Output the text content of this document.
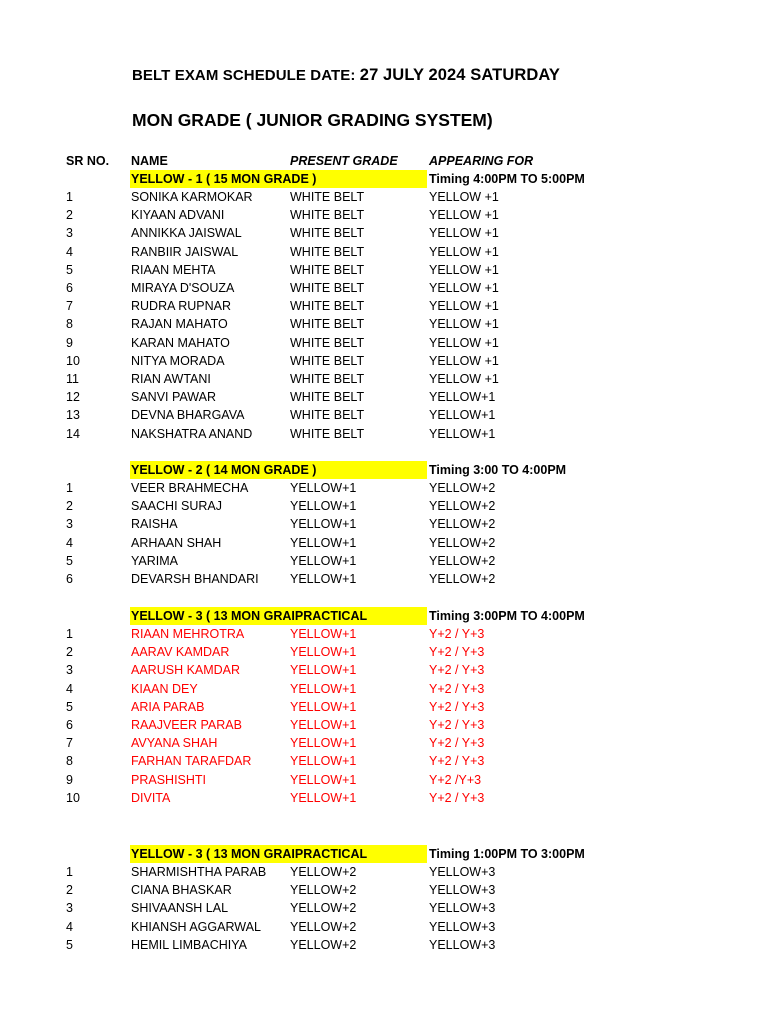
BELT EXAM SCHEDULE DATE: 27 JULY 2024 SATURDAY
MON GRADE ( JUNIOR GRADING SYSTEM)
SR NO. NAME	PRESENT GRADE	APPEARING FOR
YELLOW - 1 ( 15 MON GRADE )	Timing 4:00PM TO 5:00PM
1	SONIKA KARMOKAR	WHITE BELT	YELLOW +1
2	KIYAAN ADVANI	WHITE BELT	YELLOW +1
3	ANNIKKA JAISWAL	WHITE BELT	YELLOW +1
4	RANBIIR JAISWAL	WHITE BELT	YELLOW +1
5	RIAAN MEHTA	WHITE BELT	YELLOW +1
6	MIRAYA D'SOUZA	WHITE BELT	YELLOW +1
7	RUDRA RUPNAR	WHITE BELT	YELLOW +1
8	RAJAN MAHATO	WHITE BELT	YELLOW +1
9	KARAN MAHATO	WHITE BELT	YELLOW +1
10	NITYA MORADA	WHITE BELT	YELLOW +1
11	RIAN AWTANI	WHITE BELT	YELLOW +1
12	SANVI PAWAR	WHITE BELT	YELLOW+1
13	DEVNA BHARGAVA	WHITE BELT	YELLOW+1
14	NAKSHATRA ANAND	WHITE BELT	YELLOW+1
YELLOW - 2 ( 14 MON GRADE )	Timing 3:00 TO 4:00PM
1	VEER BRAHMECHA	YELLOW+1	YELLOW+2
2	SAACHI SURAJ	YELLOW+1	YELLOW+2
3	RAISHA	YELLOW+1	YELLOW+2
4	ARHAAN SHAH	YELLOW+1	YELLOW+2
5	YARIMA	YELLOW+1	YELLOW+2
6	DEVARSH BHANDARI	YELLOW+1	YELLOW+2
YELLOW - 3 ( 13 MON GRAIPRACTICAL	Timing 3:00PM TO 4:00PM
1	RIAAN MEHROTRA	YELLOW+1	Y+2 / Y+3
2	AARAV KAMDAR	YELLOW+1	Y+2 / Y+3
3	AARUSH KAMDAR	YELLOW+1	Y+2 / Y+3
4	KIAAN DEY	YELLOW+1	Y+2 / Y+3
5	ARIA PARAB	YELLOW+1	Y+2 / Y+3
6	RAAJVEER PARAB	YELLOW+1	Y+2 / Y+3
7	AVYANA SHAH	YELLOW+1	Y+2 / Y+3
8	FARHAN TARAFDAR	YELLOW+1	Y+2 / Y+3
9	PRASHISHTI	YELLOW+1	Y+2 /Y+3
10	DIVITA	YELLOW+1	Y+2 / Y+3
YELLOW - 3 ( 13 MON GRAIPRACTICAL	Timing 1:00PM TO 3:00PM
1	SHARMISHTHA PARAB YELLOW+2	YELLOW+3
2	CIANA BHASKAR	YELLOW+2	YELLOW+3
3	SHIVAANSH LAL	YELLOW+2	YELLOW+3
4	KHIANSH AGGARWAL YELLOW+2	YELLOW+3
5	HEMIL LIMBACHIYA	YELLOW+2	YELLOW+3
